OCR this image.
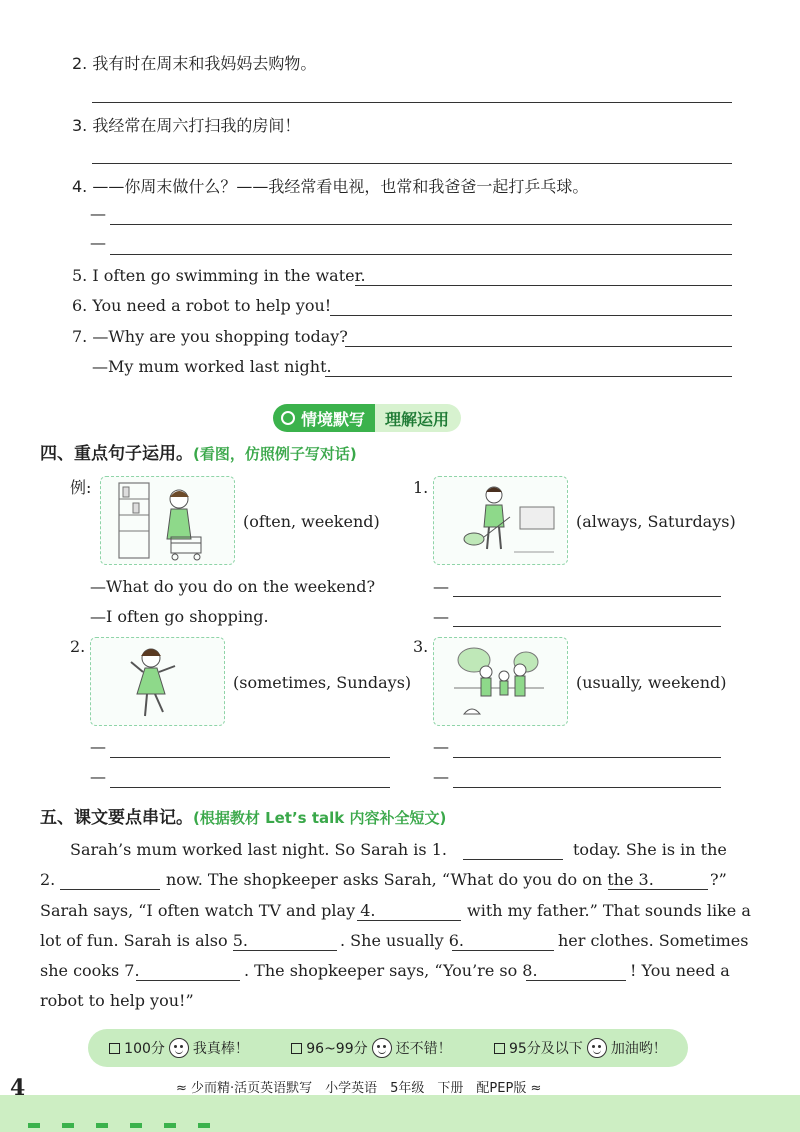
2. 我有时在周末和我妈妈去购物。
3. 我经常在周六打扫我的房间！
4. ——你周末做什么？——我经常看电视，也常和我爸爸一起打乒乓球。
—
—
5. I often go swimming in the water.
6. You need a robot to help you!
7. —Why are you shopping today?
—My mum worked last night.
情境默写	理解运用
四、重点句子运用。(看图，仿照例子写对话)
例:
(often, weekend)
—What do you do on the weekend?
—I often go shopping.
1.
(always, Saturdays)
—
—
2.
(sometimes, Sundays)
—
—
3.
(usually, weekend)
—
—
五、课文要点串记。(根据教材 Let’s talk 内容补全短文)
Sarah’s mum worked last night. So Sarah is 1.	today. She is in the
2.	now. The shopkeeper asks Sarah, “What do you do on the 3.	?”
Sarah says, “I often watch TV and play 4.	with my father.” That sounds like a
lot of fun. Sarah is also 5.	. She usually 6.	her clothes. Sometimes
she cooks 7.	. The shopkeeper says, “You’re so 8.	! You need a
robot to help you!”
100分 我真棒！	96~99分 还不错！	95分及以下 加油哟！
4	≈ 少而精·活页英语默写　小学英语　5年级　下册　配PEP版 ≈
